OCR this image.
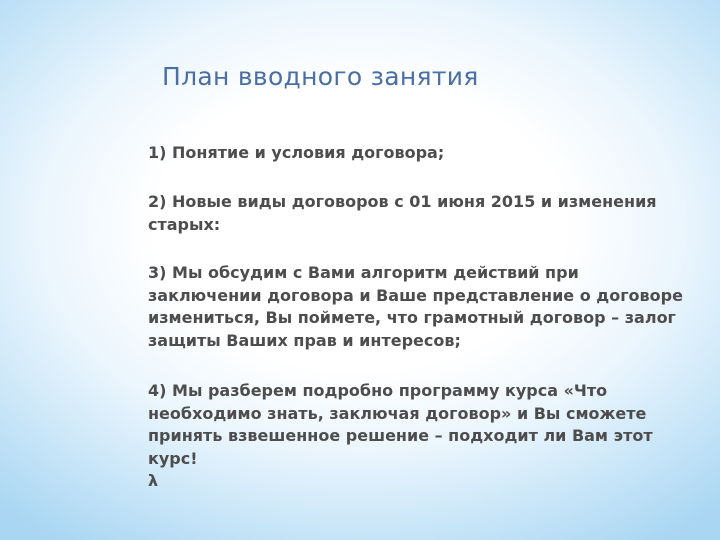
План вводного занятия
1) Понятие и условия договора;
2) Новые виды договоров с 01 июня 2015 и изменения
старых:
3) Мы обсудим с Вами алгоритм действий при
заключении договора и Ваше представление о договоре
измениться, Вы поймете, что грамотный договор – залог
защиты Ваших прав и интересов;
4) Мы разберем подробно программу курса «Что
необходимо знать, заключая договор» и Вы сможете
принять взвешенное решение – подходит ли Вам этот
курс!
λ
